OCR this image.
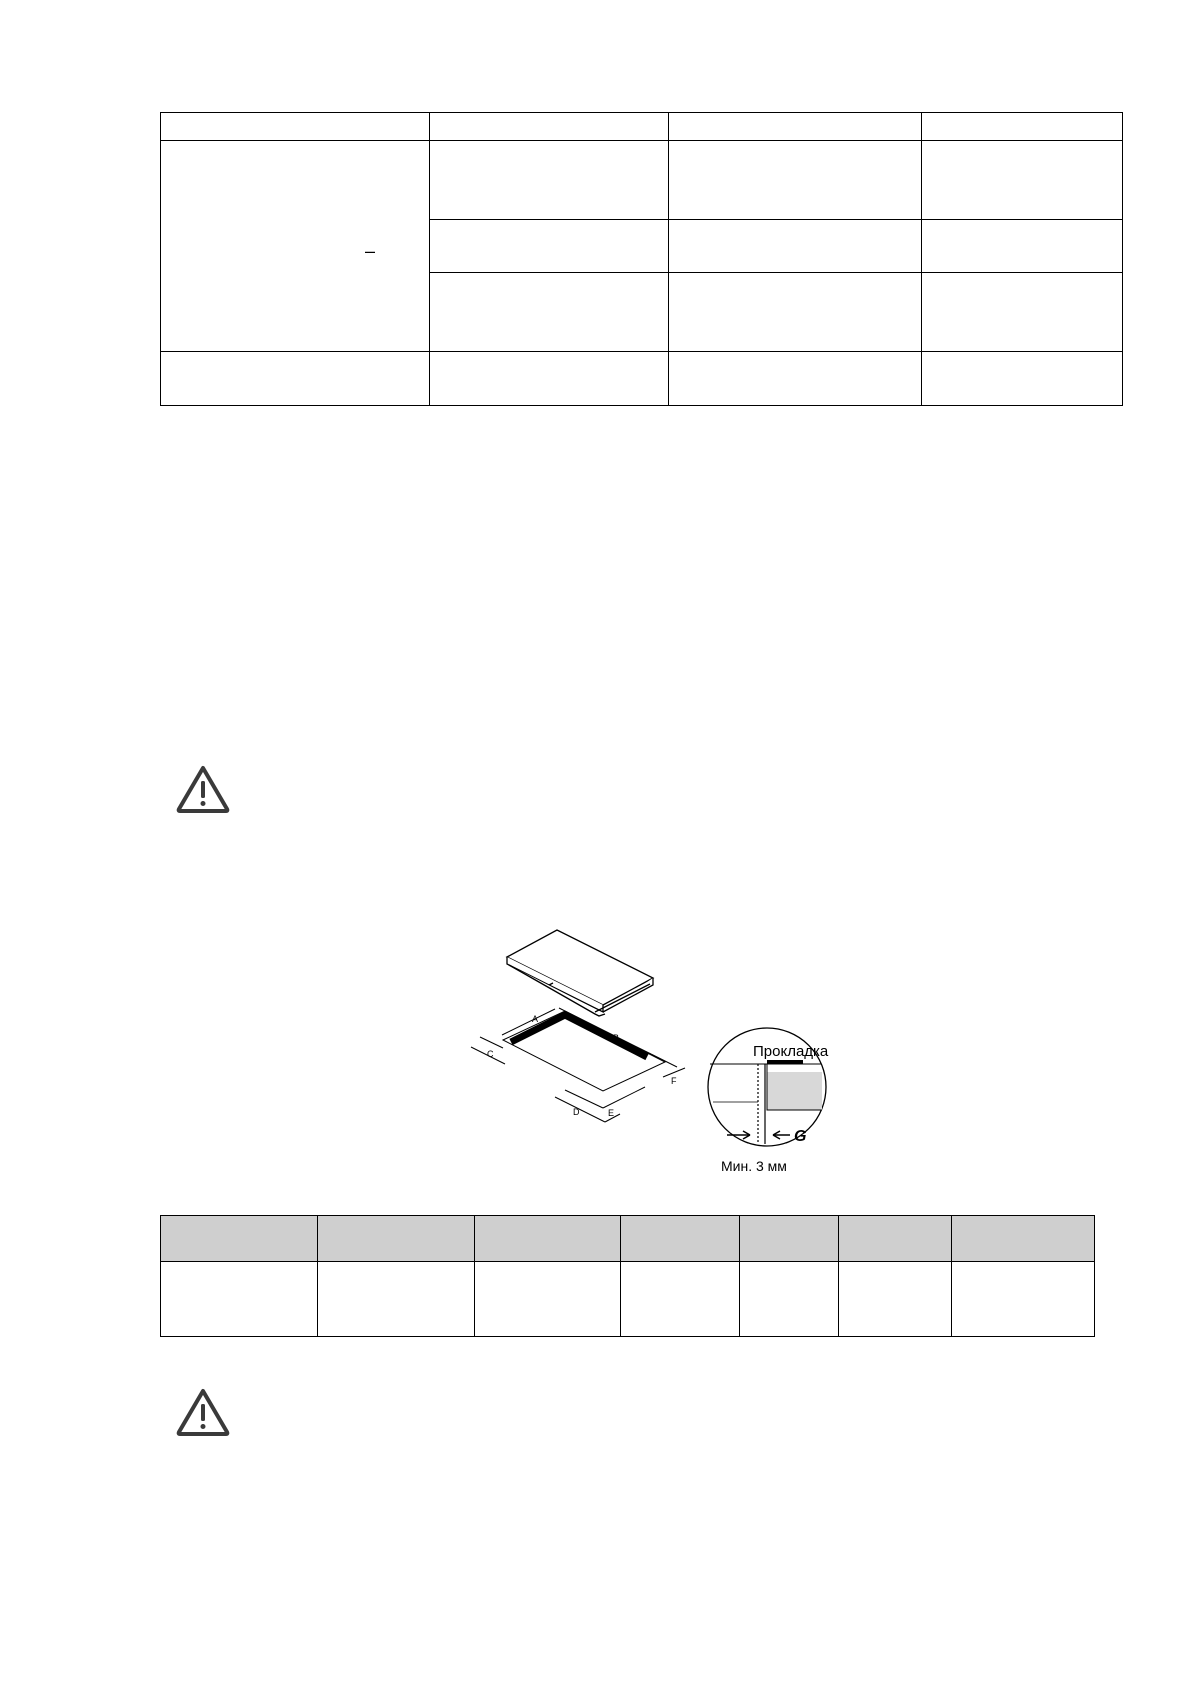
–
A
B
C
D	E
F
G
Прокладка
Мин. 3 мм
